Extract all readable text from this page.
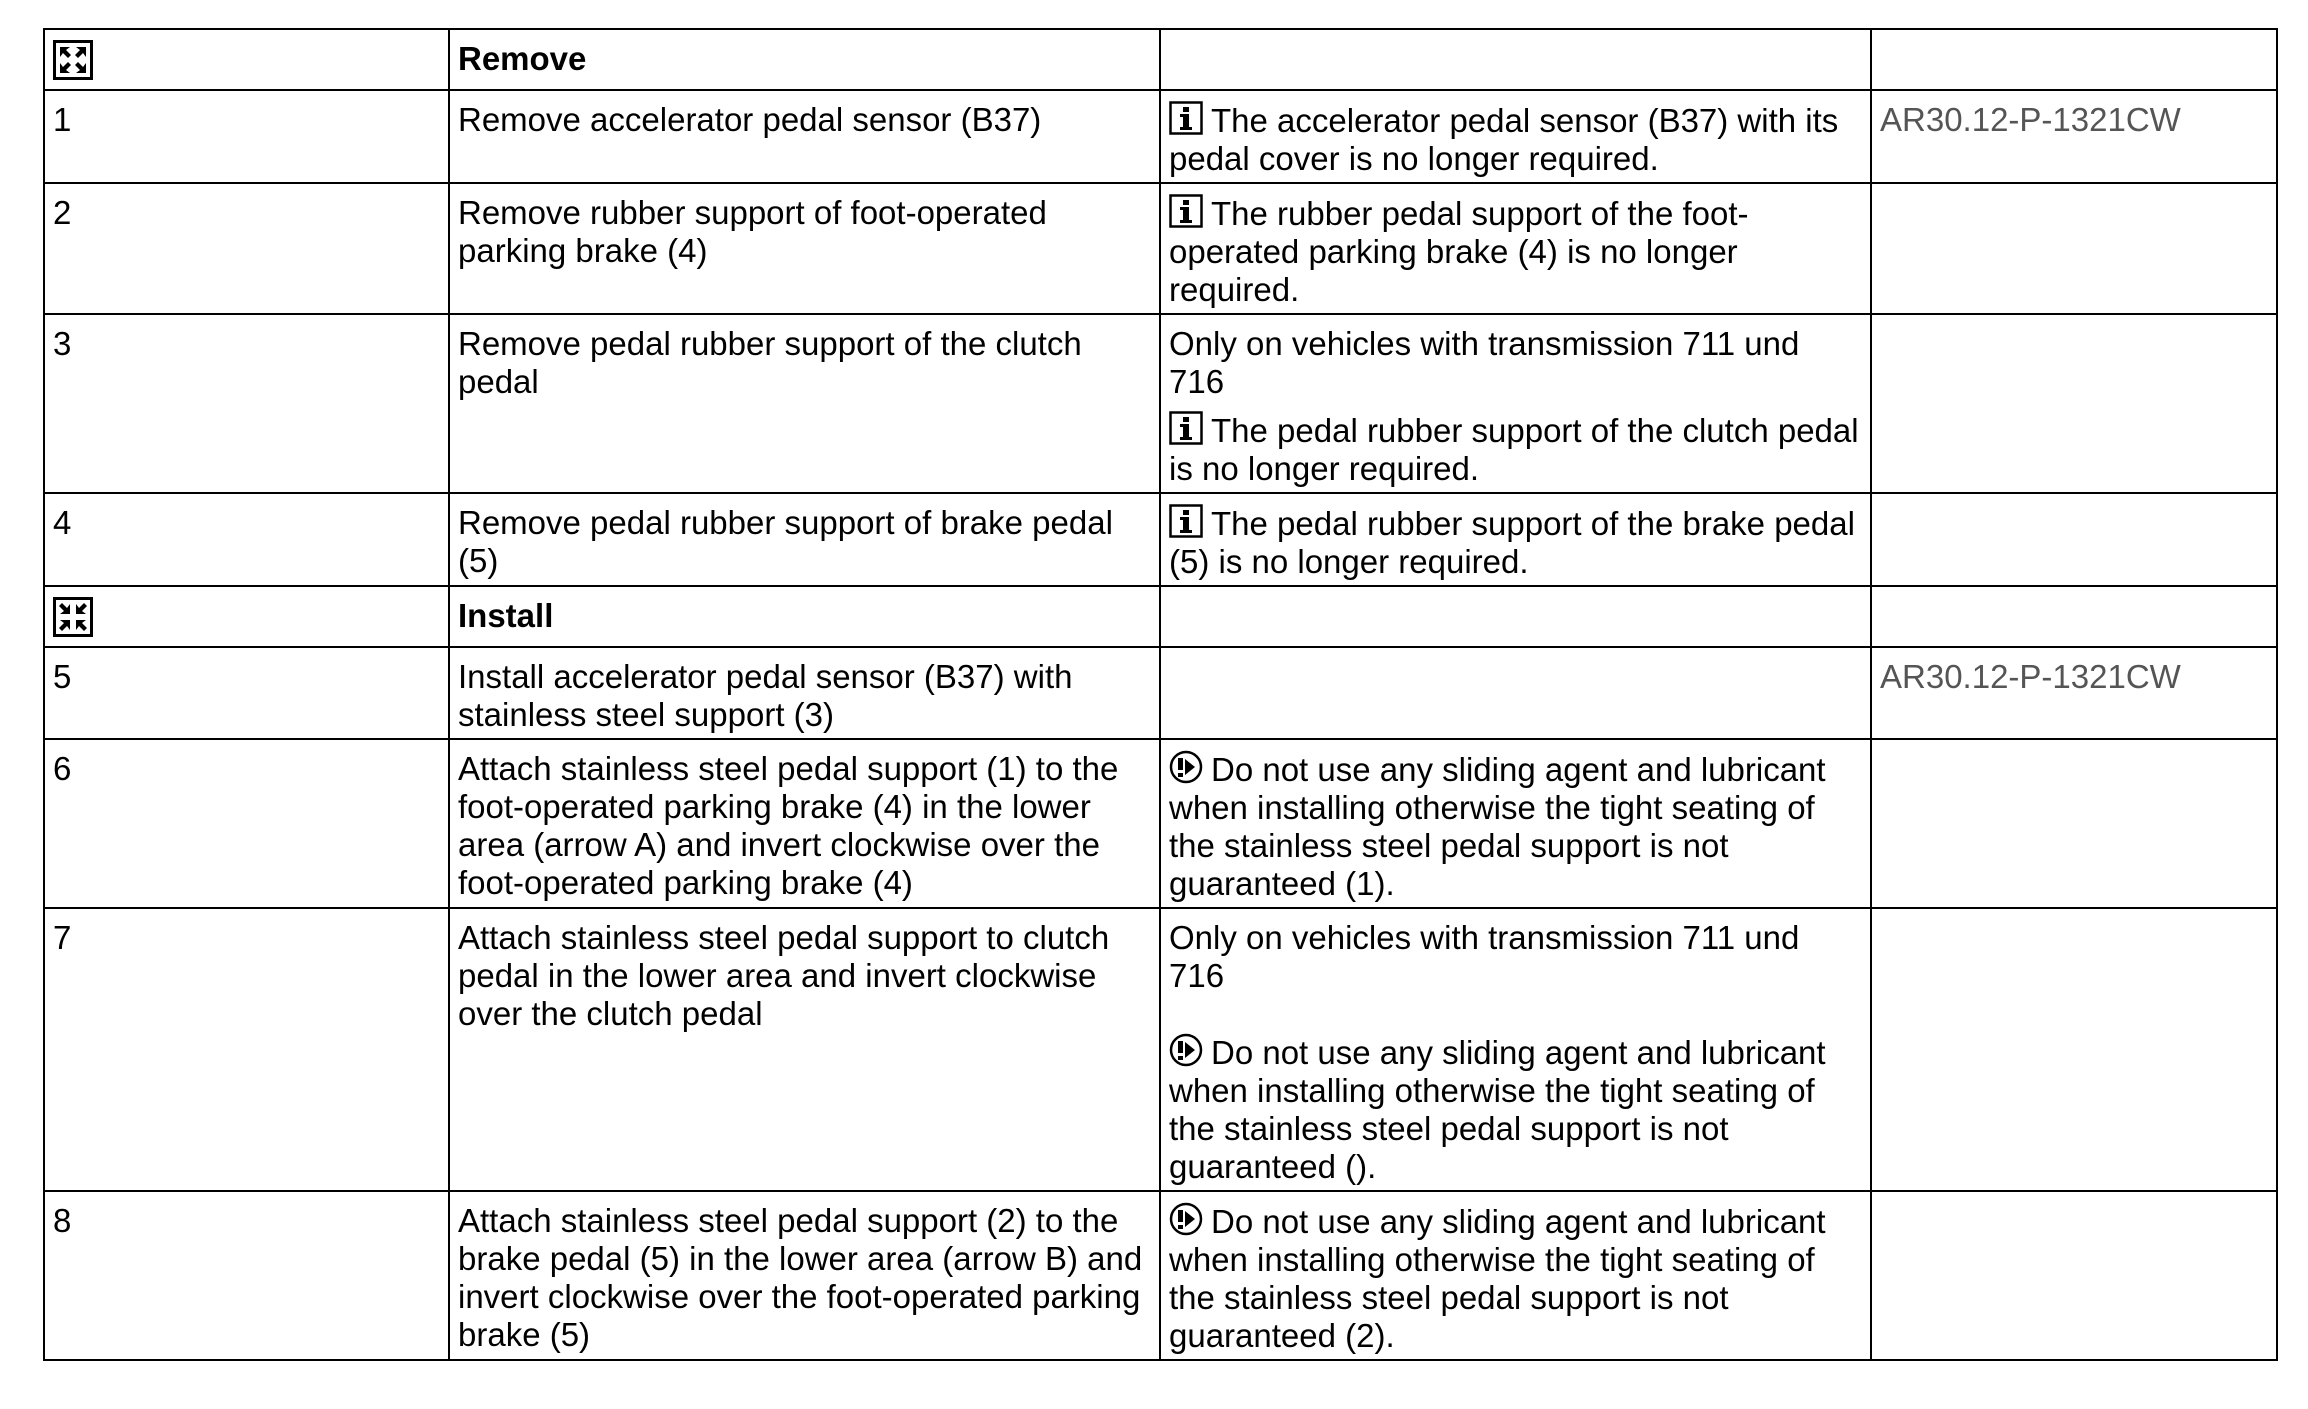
	Remove		
1	Remove accelerator pedal sensor (B37)	The accelerator pedal sensor (B37) with its pedal cover is no longer required.	AR30.12-P-1321CW
2	Remove rubber support of foot-operated parking brake (4)	The rubber pedal support of the foot-operated parking brake (4) is no longer required.	

3	Remove pedal rubber support of the clutch pedal	Only on vehicles with transmission 711 und 716
The pedal rubber support of the clutch pedal is no longer required.	

4	Remove pedal rubber support of brake pedal (5)	The pedal rubber support of the brake pedal (5) is no longer required.	

	Install		
5	Install accelerator pedal sensor (B37) with stainless steel support (3)		AR30.12-P-1321CW
6	Attach stainless steel pedal support (1) to the foot-operated parking brake (4) in the lower area (arrow A) and invert clockwise over the foot-operated parking brake (4)	Do not use any sliding agent and lubricant when installing otherwise the tight seating of the stainless steel pedal support is not guaranteed (1).	

7	Attach stainless steel pedal support to clutch pedal in the lower area and invert clockwise over the clutch pedal	Only on vehicles with transmission 711 und 716
Do not use any sliding agent and lubricant when installing otherwise the tight seating of the stainless steel pedal support is not guaranteed ().	

8	Attach stainless steel pedal support (2) to the brake pedal (5) in the lower area (arrow B) and invert clockwise over the foot-operated parking brake (5)	Do not use any sliding agent and lubricant when installing otherwise the tight seating of the stainless steel pedal support is not guaranteed (2).	
